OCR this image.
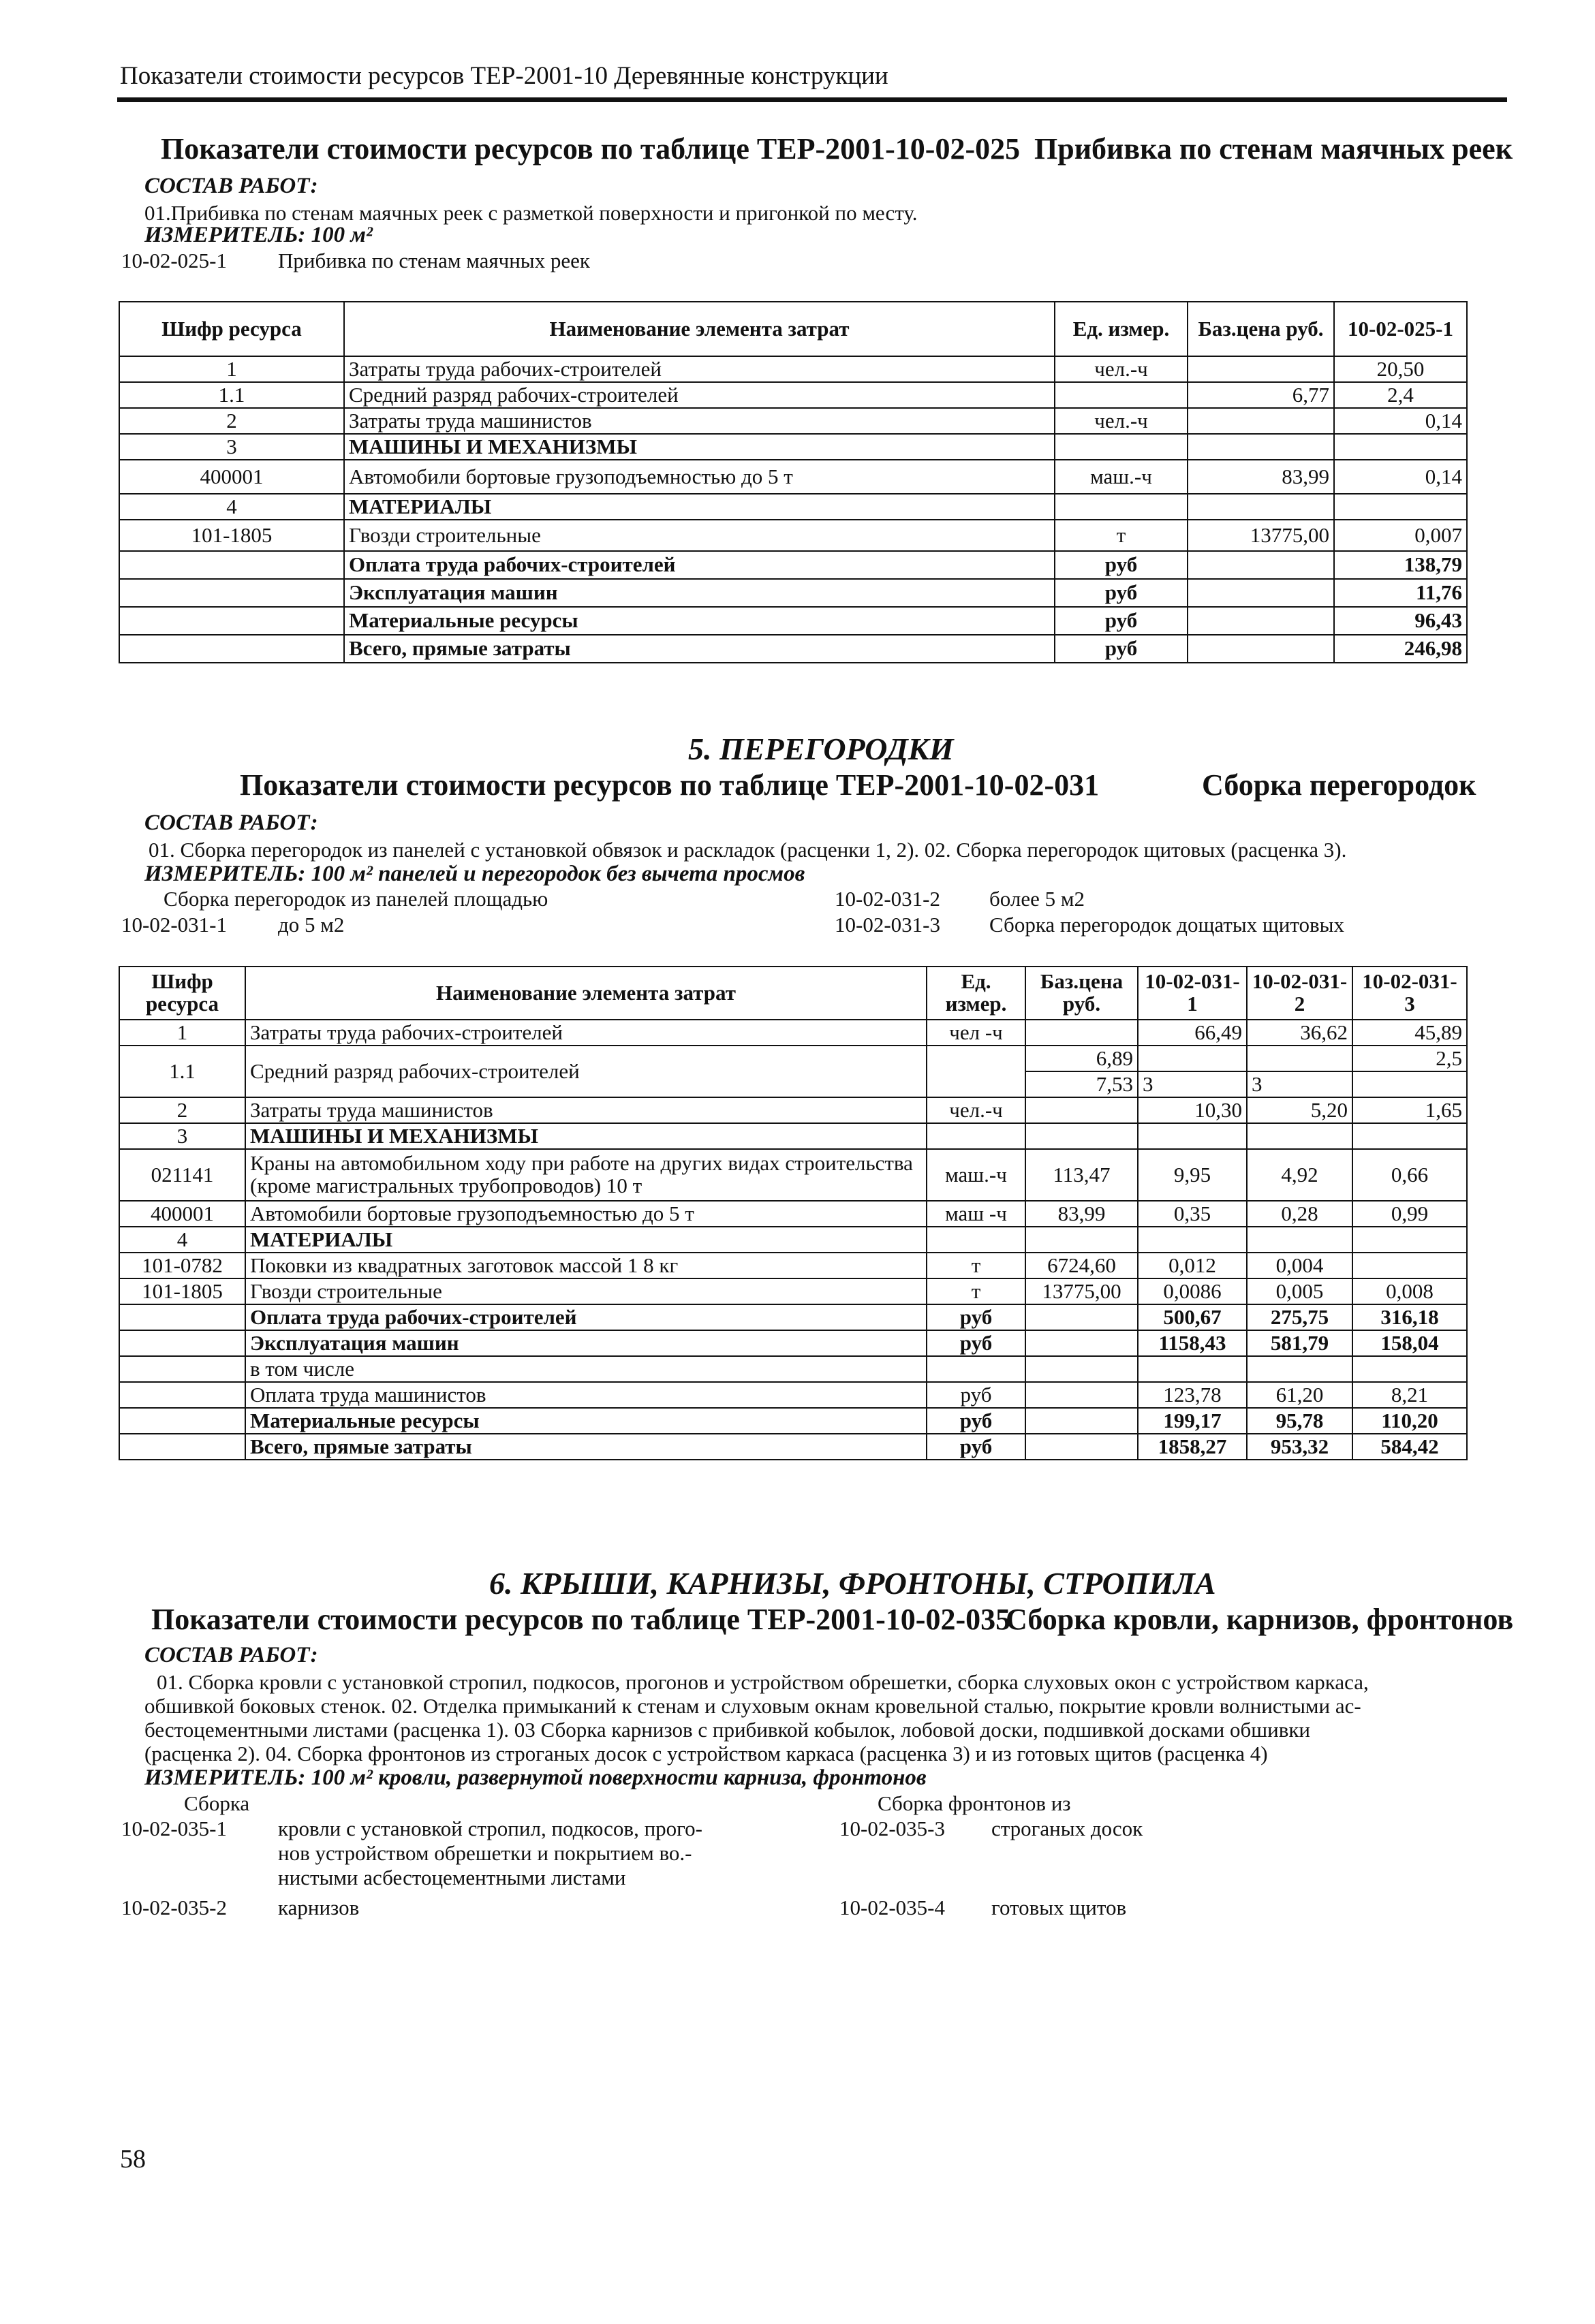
Показатели стоимости ресурсов ТЕР-2001-10 Деревянные конструкции
Показатели стоимости ресурсов по таблице ТЕР-2001-10-02-025 Прибивка по стенам маячных реек
СОСТАВ РАБОТ:
01.Прибивка по стенам маячных реек с разметкой поверхности и пригонкой по месту.
ИЗМЕРИТЕЛЬ: 100 м²
10-02-025-1 Прибивка по стенам маячных реек
Шифр ресурса	Наименование элемента затрат	Ед. измер.	Баз.цена руб.	10-02-025-1
1	Затраты труда рабочих-строителей	чел.-ч		20,50
1.1	Средний разряд рабочих-строителей		6,77	2,4
2	Затраты труда машинистов	чел.-ч		0,14
3	МАШИНЫ И МЕХАНИЗМЫ			
400001	Автомобили бортовые грузоподъемностью до 5 т	маш.-ч	83,99	0,14
4	МАТЕРИАЛЫ			
101-1805	Гвозди строительные	т	13775,00	0,007
	Оплата труда рабочих-строителей	руб		138,79
	Эксплуатация машин	руб		11,76
	Материальные ресурсы	руб		96,43
	Всего, прямые затраты	руб		246,98
5. ПЕРЕГОРОДКИ
Показатели стоимости ресурсов по таблице ТЕР-2001-10-02-031	Сборка перегородок
СОСТАВ РАБОТ:
01. Сборка перегородок из панелей с установкой обвязок и раскладок (расценки 1, 2). 02. Сборка перегородок щитовых (расценка 3).
ИЗМЕРИТЕЛЬ: 100 м² панелей и перегородок без вычета просмов
Сборка перегородок из панелей площадью	10-02-031-2 более 5 м2
10-02-031-1 до 5 м2	10-02-031-3 Сборка перегородок дощатых щитовых
Шифр ресурса	Наименование элемента затрат	Ед. измер.	Баз.цена руб.	10-02-031-1	10-02-031-2	10-02-031-3
1	Затраты труда рабочих-строителей	чел -ч		66,49	36,62	45,89
1.1	Средний разряд рабочих-строителей		6,89			2,5
			7,53	3	3	
2	Затраты труда машинистов	чел.-ч		10,30	5,20	1,65
3	МАШИНЫ И МЕХАНИЗМЫ					
021141	Краны на автомобильном ходу при работе на других видах строительства
(кроме магистральных трубопроводов) 10 т	маш.-ч	113,47	9,95	4,92	0,66
400001	Автомобили бортовые грузоподъемностью до 5 т	маш -ч	83,99	0,35	0,28	0,99
4	МАТЕРИАЛЫ					
101-0782	Поковки из квадратных заготовок массой 1 8 кг	т	6724,60	0,012	0,004	
101-1805	Гвозди строительные	т	13775,00	0,0086	0,005	0,008
	Оплата труда рабочих-строителей	руб		500,67	275,75	316,18
	Эксплуатация машин	руб		1158,43	581,79	158,04
	в том числе					
	Оплата труда машинистов	руб		123,78	61,20	8,21
	Материальные ресурсы	руб		199,17	95,78	110,20
	Всего, прямые затраты	руб		1858,27	953,32	584,42
6. КРЫШИ, КАРНИЗЫ, ФРОНТОНЫ, СТРОПИЛА
Показатели стоимости ресурсов по таблице ТЕР-2001-10-02-035
Сборка кровли, карнизов, фронтонов
СОСТАВ РАБОТ:
01. Сборка кровли с установкой стропил, подкосов, прогонов и устройством обрешетки, сборка слуховых окон с устройством каркаса,
обшивкой боковых стенок. 02. Отделка примыканий к стенам и слуховым окнам кровельной сталью, покрытие кровли волнистыми ас-
бестоцементными листами (расценка 1). 03 Сборка карнизов с прибивкой кобылок, лобовой доски, подшивкой досками обшивки
(расценка 2). 04. Сборка фронтонов из строганых досок с устройством каркаса (расценка 3) и из готовых щитов (расценка 4)
ИЗМЕРИТЕЛЬ: 100 м² кровли, развернутой поверхности карниза, фронтонов
Сборка	Сборка фронтонов из
10-02-035-1 кровли с установкой стропил, подкосов, прого-
нов устройством обрешетки и покрытием во.-
нистыми асбестоцементными листами
10-02-035-3 строганых досок
10-02-035-2 карнизов	10-02-035-4 готовых щитов
58
